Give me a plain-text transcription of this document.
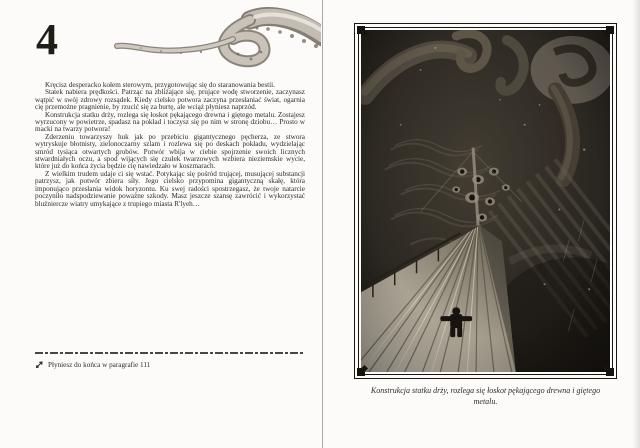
4

Kręcisz desperacko kołem sterowym, przygotowując się do staranowania bestii.

Statek nabiera prędkości. Patrząc na zbliżające się, prujące wodę stworzenie, zaczynasz wątpić w swój zdrowy rozsądek. Kiedy cielsko potwora zaczyna przesłaniać świat, ogarnia cię przemożne pragnienie, by rzucić się za burtę, ale wciąż płyniesz naprzód.

Konstrukcja statku drży, rozlega się łoskot pękającego drewna i giętego metalu. Zostajesz wyrzucony w powietrze, spadasz na pokład i toczysz się po nim w stronę dziobu… Prosto w macki na twarzy potwora!

Zderzeniu towarzyszy huk jak po przebiciu gigantycznego pęcherza, ze stwora wytryskuje błotnisty, zielonoczarny szlam i rozlewa się po deskach pokładu, wydzielając smród tysiąca otwartych grobów. Potwór wbija w ciebie spojrzenie swoich licznych stwardniałych oczu, a spod wijących się czułek twarzowych wzbiera nieziemskie wycie, które już do końca życia będzie cię nawiedzało w koszmarach.

Z wielkim trudem udaje ci się wstać. Potykając się pośród trującej, musującej substancji patrzysz, jak potwór zbiera siły. Jego cielsko przypomina gigantyczną skałę, która imponująco przesłania widok horyzontu. Ku swej radości spostrzegasz, że twoje natarcie poczyniło nadspodziewanie poważne szkody. Masz jeszcze szansę zawrócić i wykorzystać bluźniercze wiatry umykające z trupiego miasta R'lyeh…

Płyniesz do końca w paragrafie 111
Konstrukcja statku drży, rozlega się łoskot pękającego drewna i giętego metalu.
